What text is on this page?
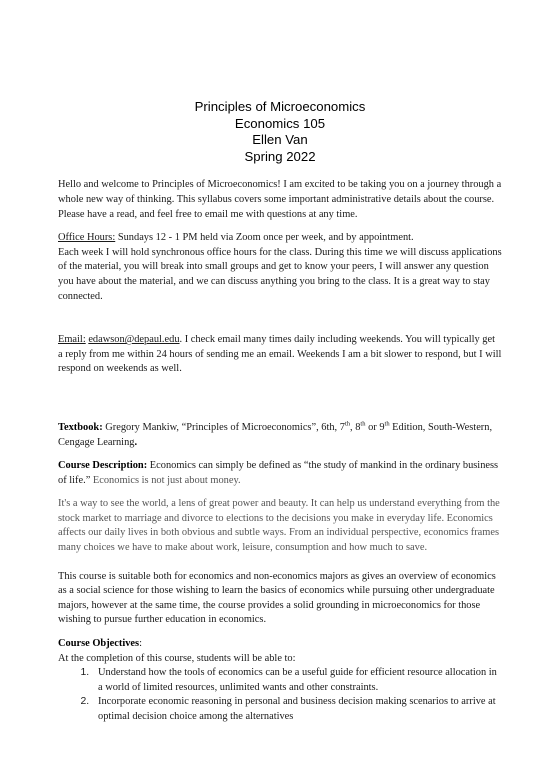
Principles of Microeconomics
Economics 105
Ellen Van
Spring 2022

Hello and welcome to Principles of Microeconomics! I am excited to be taking you on a journey through a whole new way of thinking. This syllabus covers some important administrative details about the course. Please have a read, and feel free to email me with questions at any time.

Office Hours: Sundays 12 - 1 PM held via Zoom once per week, and by appointment.

Each week I will hold synchronous office hours for the class. During this time we will discuss applications of the material, you will break into small groups and get to know your peers, I will answer any question you have about the material, and we can discuss anything you bring to the class. It is a great way to stay connected.

Email: edawson@depaul.edu. I check email many times daily including weekends. You will typically get a reply from me within 24 hours of sending me an email. Weekends I am a bit slower to respond, but I will respond on weekends as well.

Textbook: Gregory Mankiw, “Principles of Microeconomics”, 6th, 7th, 8th or 9th Edition, South-Western, Cengage Learning.

Course Description: Economics can simply be defined as “the study of mankind in the ordinary business of life.” Economics is not just about money.

It's a way to see the world, a lens of great power and beauty. It can help us understand everything from the stock market to marriage and divorce to elections to the decisions you make in everyday life. Economics affects our daily lives in both obvious and subtle ways. From an individual perspective, economics frames many choices we have to make about work, leisure, consumption and how much to save.

This course is suitable both for economics and non-economics majors as gives an overview of economics as a social science for those wishing to learn the basics of economics while pursuing other undergraduate majors, however at the same time, the course provides a solid grounding in microeconomics for those wishing to pursue further education in economics.

Course Objectives:

At the completion of this course, students will be able to:

1. Understand how the tools of economics can be a useful guide for efficient resource allocation in a world of limited resources, unlimited wants and other constraints.
2. Incorporate economic reasoning in personal and business decision making scenarios to arrive at optimal decision choice among the alternatives
